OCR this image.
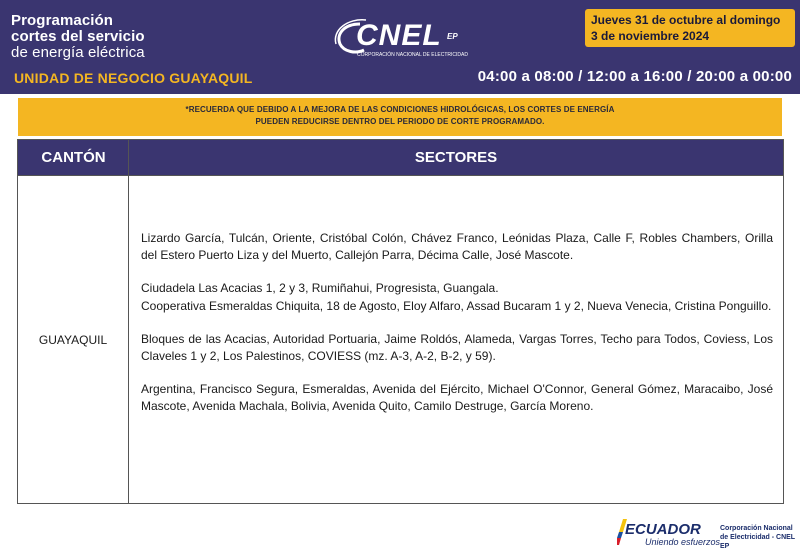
Programación
cortes del servicio
de energía eléctrica
UNIDAD DE NEGOCIO GUAYAQUIL
CNEL EP
CORPORACIÓN NACIONAL DE ELECTRICIDAD
Jueves 31 de octubre al domingo
3 de noviembre 2024
04:00 a 08:00 / 12:00 a 16:00 / 20:00 a 00:00
*RECUERDA QUE DEBIDO A LA MEJORA DE LAS CONDICIONES HIDROLÓGICAS, LOS CORTES DE ENERGÍA
PUEDEN REDUCIRSE DENTRO DEL PERIODO DE CORTE PROGRAMADO.
CANTÓN	SECTORES
GUAYAQUIL

Lizardo García, Tulcán, Oriente, Cristóbal Colón, Chávez Franco, Leónidas Plaza, Calle F, Robles Chambers, Orilla del Estero Puerto Liza y del Muerto, Callejón Parra, Décima Calle, José Mascote.

Ciudadela Las Acacias 1, 2 y 3, Rumiñahui, Progresista, Guangala.

Cooperativa Esmeraldas Chiquita, 18 de Agosto, Eloy Alfaro, Assad Bucaram 1 y 2, Nueva Venecia, Cristina Ponguillo.

Bloques de las Acacias, Autoridad Portuaria, Jaime Roldós, Alameda, Vargas Torres, Techo para Todos, Coviess, Los Claveles 1 y 2, Los Palestinos, COVIESS (mz. A-3, A-2, B-2, y 59).

Argentina, Francisco Segura, Esmeraldas, Avenida del Ejército, Michael O'Connor, General Gómez, Maracaibo, José Mascote, Avenida Machala, Bolivia, Avenida Quito, Camilo Destruge, García Moreno.

ECUADOR
Uniendo esfuerzos
Corporación Nacional
de Electricidad - CNEL EP
